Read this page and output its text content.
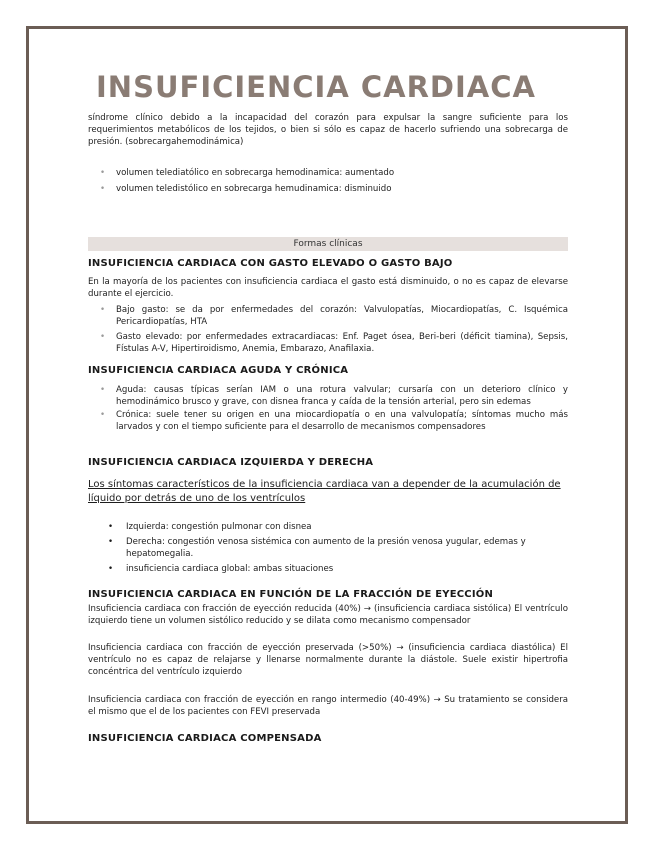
INSUFICIENCIA CARDIACA
síndrome clínico debido a la incapacidad del corazón para expulsar la sangre suficiente para los requerimientos metabólicos de los tejidos, o bien si sólo es capaz de hacerlo sufriendo una sobrecarga de presión. (sobrecargahemodinámica)
• volumen telediatólico en sobrecarga hemodinamica: aumentado
• volumen teledistólico en sobrecarga hemudinamica: disminuido
Formas clínicas
INSUFICIENCIA CARDIACA CON GASTO ELEVADO O GASTO BAJO
En la mayoría de los pacientes con insuficiencia cardiaca el gasto está disminuido, o no es capaz de elevarse durante el ejercicio.
• Bajo gasto: se da por enfermedades del corazón: Valvulopatías, Miocardiopatías, C. Isquémica Pericardiopatías, HTA
• Gasto elevado: por enfermedades extracardiacas: Enf. Paget ósea, Beri-beri (déficit tiamina), Sepsis, Fístulas A-V, Hipertiroidismo, Anemia, Embarazo, Anafilaxia.
INSUFICIENCIA CARDIACA AGUDA Y CRÓNICA
• Aguda: causas típicas serían IAM o una rotura valvular; cursaría con un deterioro clínico y hemodinámico brusco y grave, con disnea franca y caída de la tensión arterial, pero sin edemas
• Crónica: suele tener su origen en una miocardiopatía o en una valvulopatía; síntomas mucho más larvados y con el tiempo suficiente para el desarrollo de mecanismos compensadores
INSUFICIENCIA CARDIACA IZQUIERDA Y DERECHA
Los síntomas característicos de la insuficiencia cardiaca van a depender de la acumulación de líquido por detrás de uno de los ventrículos
• Izquierda: congestión pulmonar con disnea
• Derecha: congestión venosa sistémica con aumento de la presión venosa yugular, edemas y hepatomegalia.
• insuficiencia cardiaca global: ambas situaciones
INSUFICIENCIA CARDIACA EN FUNCIÓN DE LA FRACCIÓN DE EYECCIÓN
Insuficiencia cardiaca con fracción de eyección reducida (40%) → (insuficiencia cardiaca sistólica) El ventrículo izquierdo tiene un volumen sistólico reducido y se dilata como mecanismo compensador
Insuficiencia cardiaca con fracción de eyección preservada (>50%) → (insuficiencia cardiaca diastólica) El ventrículo no es capaz de relajarse y llenarse normalmente durante la diástole. Suele existir hipertrofia concéntrica del ventrículo izquierdo
Insuficiencia cardiaca con fracción de eyección en rango intermedio (40-49%) → Su tratamiento se considera el mismo que el de los pacientes con FEVI preservada
INSUFICIENCIA CARDIACA COMPENSADA
